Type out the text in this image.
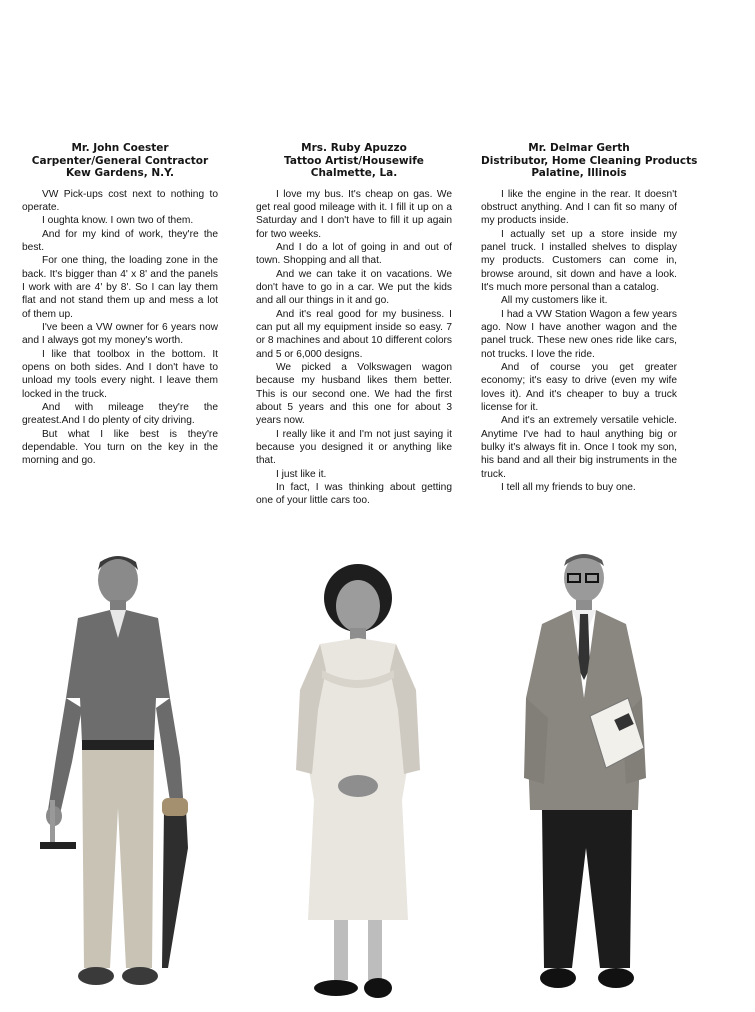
Mr. John Coester
Carpenter/General Contractor
Kew Gardens, N.Y.

VW Pick-ups cost next to nothing to operate.

I oughta know. I own two of them.

And for my kind of work, they're the best.

For one thing, the loading zone in the back. It's bigger than 4' x 8' and the panels I work with are 4' by 8'. So I can lay them flat and not stand them up and mess a lot of them up.

I've been a VW owner for 6 years now and I always got my money's worth.

I like that toolbox in the bottom. It opens on both sides. And I don't have to unload my tools every night. I leave them locked in the truck.

And with mileage they're the greatest.And I do plenty of city driving.

But what I like best is they're dependable. You turn on the key in the morning and go.

Mrs. Ruby Apuzzo
Tattoo Artist/Housewife
Chalmette, La.

I love my bus. It's cheap on gas. We get real good mileage with it. I fill it up on a Saturday and I don't have to fill it up again for two weeks.

And I do a lot of going in and out of town. Shopping and all that.

And we can take it on vacations. We don't have to go in a car. We put the kids and all our things in it and go.

And it's real good for my business. I can put all my equipment inside so easy. 7 or 8 machines and about 10 different colors and 5 or 6,000 designs.

We picked a Volkswagen wagon because my husband likes them better. This is our second one. We had the first about 5 years and this one for about 3 years now.

I really like it and I'm not just saying it because you designed it or anything like that.

I just like it.

In fact, I was thinking about getting one of your little cars too.

Mr. Delmar Gerth
Distributor, Home Cleaning Products
Palatine, Illinois

I like the engine in the rear. It doesn't obstruct anything. And I can fit so many of my products inside.

I actually set up a store inside my panel truck. I installed shelves to display my products. Customers can come in, browse around, sit down and have a look. It's much more personal than a catalog.

All my customers like it.

I had a VW Station Wagon a few years ago. Now I have another wagon and the panel truck. These new ones ride like cars, not trucks. I love the ride.

And of course you get greater economy; it's easy to drive (even my wife loves it). And it's cheaper to buy a truck license for it.

And it's an extremely versatile vehicle. Anytime I've had to haul anything big or bulky it's always fit in. Once I took my son, his band and all their big instruments in the truck.

I tell all my friends to buy one.
